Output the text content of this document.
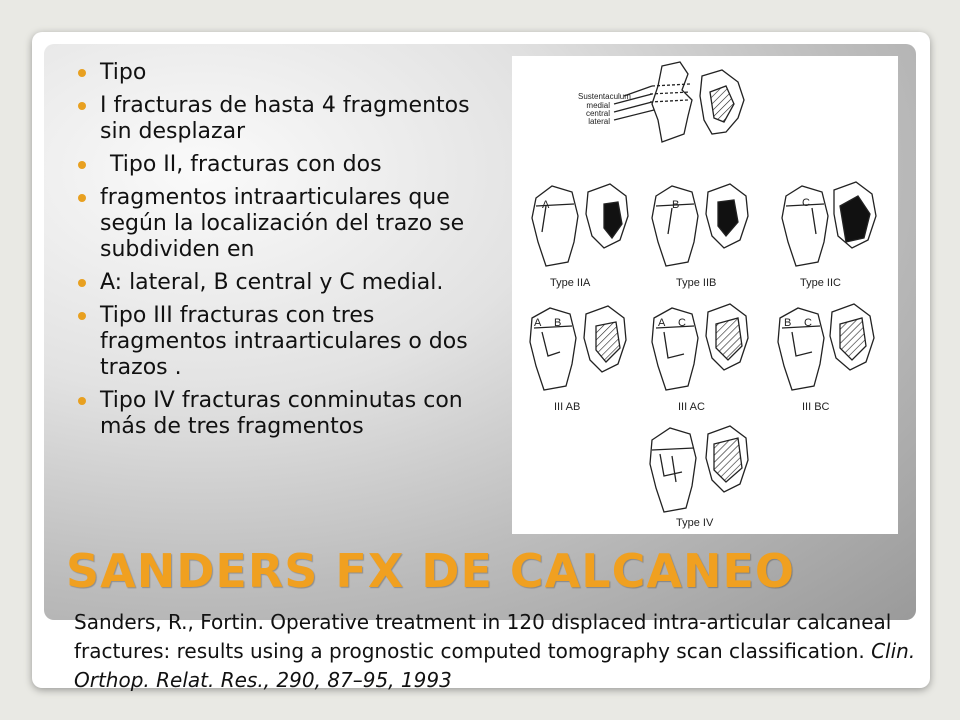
Tipo
I fracturas de hasta 4 fragmentos sin desplazar
Tipo II, fracturas con dos
fragmentos intraarticulares que según la localización del trazo se subdividen en
A: lateral, B central y C medial.
Tipo III fracturas con tres fragmentos intraarticulares o dos trazos .
Tipo IV fracturas conminutas con más de tres fragmentos
Sustentaculum
medial
central
lateral
A
Type IIA
B
Type IIB
C
Type IIC
A B
III AB
A C
III AC
B C
III BC
Type IV
SANDERS FX DE CALCANEO
Sanders, R., Fortin. Operative treatment in 120 displaced intra-articular calcaneal fractures: results using a prognostic computed tomography scan classification. Clin. Orthop. Relat. Res., 290, 87–95, 1993
